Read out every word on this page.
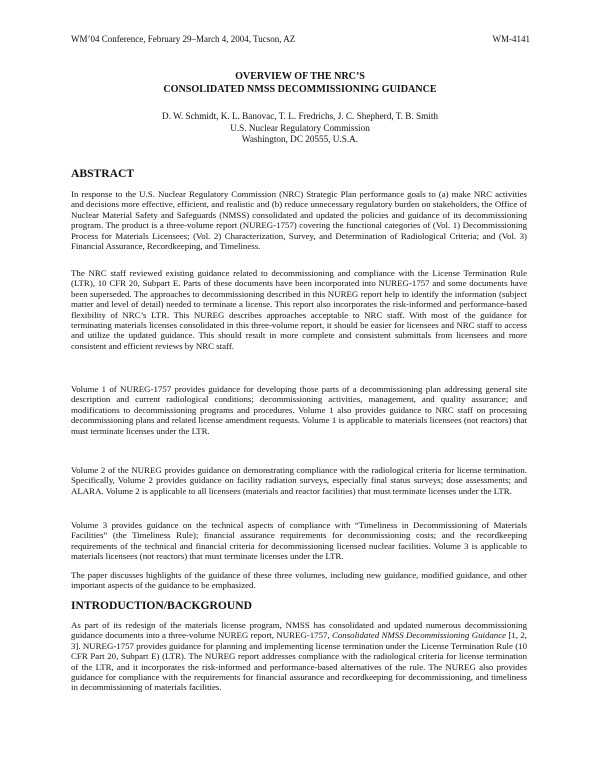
WM’04 Conference, February 29–March 4, 2004, Tucson, AZ	WM-4141
OVERVIEW OF THE NRC’S
CONSOLIDATED NMSS DECOMMISSIONING GUIDANCE
D. W. Schmidt, K. L. Banovac, T. L. Fredrichs, J. C. Shepherd, T. B. Smith
U.S. Nuclear Regulatory Commission
Washington, DC 20555, U.S.A.
ABSTRACT

In response to the U.S. Nuclear Regulatory Commission (NRC) Strategic Plan performance goals to (a) make NRC activities and decisions more effective, efficient, and realistic and (b) reduce unnecessary regulatory burden on stakeholders, the Office of Nuclear Material Safety and Safeguards (NMSS) consolidated and updated the policies and guidance of its decommissioning program. The product is a three-volume report (NUREG-1757) covering the functional categories of (Vol. 1) Decommissioning Process for Materials Licensees; (Vol. 2) Characterization, Survey, and Determination of Radiological Criteria; and (Vol. 3) Financial Assurance, Recordkeeping, and Timeliness.

The NRC staff reviewed existing guidance related to decommissioning and compliance with the License Termination Rule (LTR), 10 CFR 20, Subpart E. Parts of these documents have been incorporated into NUREG-1757 and some documents have been superseded. The approaches to decommissioning described in this NUREG report help to identify the information (subject matter and level of detail) needed to terminate a license. This report also incorporates the risk-informed and performance-based flexibility of NRC’s LTR. This NUREG describes approaches acceptable to NRC staff. With most of the guidance for terminating materials licenses consolidated in this three-volume report, it should be easier for licensees and NRC staff to access and utilize the updated guidance. This should result in more complete and consistent submittals from licensees and more consistent and efficient reviews by NRC staff.

Volume 1 of NUREG-1757 provides guidance for developing those parts of a decommissioning plan addressing general site description and current radiological conditions; decommissioning activities, management, and quality assurance; and modifications to decommissioning programs and procedures. Volume 1 also provides guidance to NRC staff on processing decommissioning plans and related license amendment requests. Volume 1 is applicable to materials licensees (not reactors) that must terminate licenses under the LTR.

Volume 2 of the NUREG provides guidance on demonstrating compliance with the radiological criteria for license termination. Specifically, Volume 2 provides guidance on facility radiation surveys, especially final status surveys; dose assessments; and ALARA. Volume 2 is applicable to all licensees (materials and reactor facilities) that must terminate licenses under the LTR.

Volume 3 provides guidance on the technical aspects of compliance with “Timeliness in Decommissioning of Materials Facilities” (the Timeliness Rule); financial assurance requirements for decommissioning costs; and the recordkeeping requirements of the technical and financial criteria for decommissioning licensed nuclear facilities. Volume 3 is applicable to materials licensees (not reactors) that must terminate licenses under the LTR.

The paper discusses highlights of the guidance of these three volumes, including new guidance, modified guidance, and other important aspects of the guidance to be emphasized.

INTRODUCTION/BACKGROUND

As part of its redesign of the materials license program, NMSS has consolidated and updated numerous decommissioning guidance documents into a three-volume NUREG report, NUREG-1757, Consolidated NMSS Decommissioning Guidance [1, 2, 3]. NUREG-1757 provides guidance for planning and implementing license termination under the License Termination Rule (10 CFR Part 20, Subpart E) (LTR). The NUREG report addresses compliance with the radiological criteria for license termination of the LTR, and it incorporates the risk-informed and performance-based alternatives of the rule. The NUREG also provides guidance for compliance with the requirements for financial assurance and recordkeeping for decommissioning, and timeliness in decommissioning of materials facilities.
